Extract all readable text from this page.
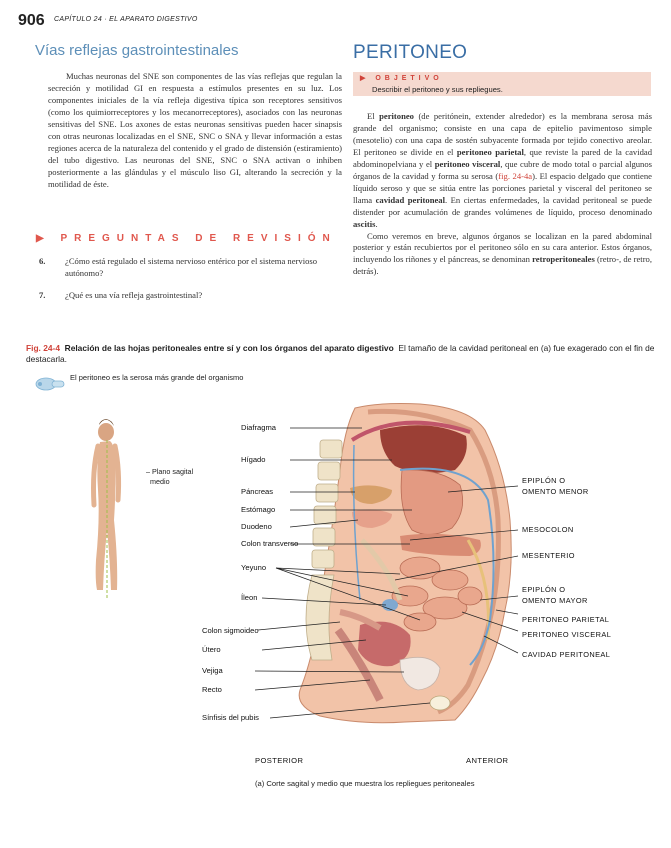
906 CAPÍTULO 24 · EL APARATO DIGESTIVO
Vías reflejas gastrointestinales

Muchas neuronas del SNE son componentes de las vías reflejas que regulan la secreción y motilidad GI en respuesta a estímulos presentes en su luz. Los componentes iniciales de la vía refleja digestiva típica son receptores sensitivos (como los quimiorreceptores y los mecanorreceptores), asociados con las neuronas sensitivas del SNE. Los axones de estas neuronas sensitivas pueden hacer sinapsis con otras neuronas localizadas en el SNE, SNC o SNA y llevar información a estas regiones acerca de la naturaleza del contenido y el grado de distensión (estiramiento) del tubo digestivo. Las neuronas del SNE, SNC o SNA activan o inhiben posteriormente a las glándulas y el músculo liso GI, alterando la secreción y la motilidad de éste.

▶ PREGUNTAS DE REVISIÓN
6. ¿Cómo está regulado el sistema nervioso entérico por el sistema nervioso autónomo?
7. ¿Qué es una vía refleja gastrointestinal?
PERITONEO
▶ OBJETIVO
Describir el peritoneo y sus repliegues.

El peritoneo (de peritónein, extender alrededor) es la membrana serosa más grande del organismo; consiste en una capa de epitelio pavimentoso simple (mesotelio) con una capa de sostén subyacente formada por tejido conectivo areolar. El peritoneo se divide en el peritoneo parietal, que reviste la pared de la cavidad abdominopelviana y el peritoneo visceral, que cubre de modo total o parcial algunos órganos de la cavidad y forma su serosa (fig. 24-4a). El espacio delgado que contiene líquido seroso y que se sitúa entre las porciones parietal y visceral del peritoneo se llama cavidad peritoneal. En ciertas enfermedades, la cavidad peritoneal se puede distender por acumulación de grandes volúmenes de líquido, proceso denominado ascitis.

Como veremos en breve, algunos órganos se localizan en la pared abdominal posterior y están recubiertos por el peritoneo sólo en su cara anterior. Estos órganos, incluyendo los riñones y el páncreas, se denominan retroperitoneales (retro-, de retro, detrás).

Fig. 24-4 Relación de las hojas peritoneales entre sí y con los órganos del aparato digestivo El tamaño de la cavidad peritoneal en (a) fue exagerado con el fin de destacarla.
El peritoneo es la serosa más grande del organismo
– Plano sagital
medio
Diafragma
Hígado
Páncreas
Estómago
Duodeno
Colon transverso
Yeyuno
Íleon
Colon sigmoideo
Útero
Vejiga
Recto
Sínfisis del pubis
EPIPLÓN O
OMENTO MENOR
MESOCOLON
MESENTERIO
EPIPLÓN O
OMENTO MAYOR
PERITONEO PARIETAL
PERITONEO VISCERAL
CAVIDAD PERITONEAL
POSTERIOR	ANTERIOR
(a) Corte sagital y medio que muestra los repliegues peritoneales
